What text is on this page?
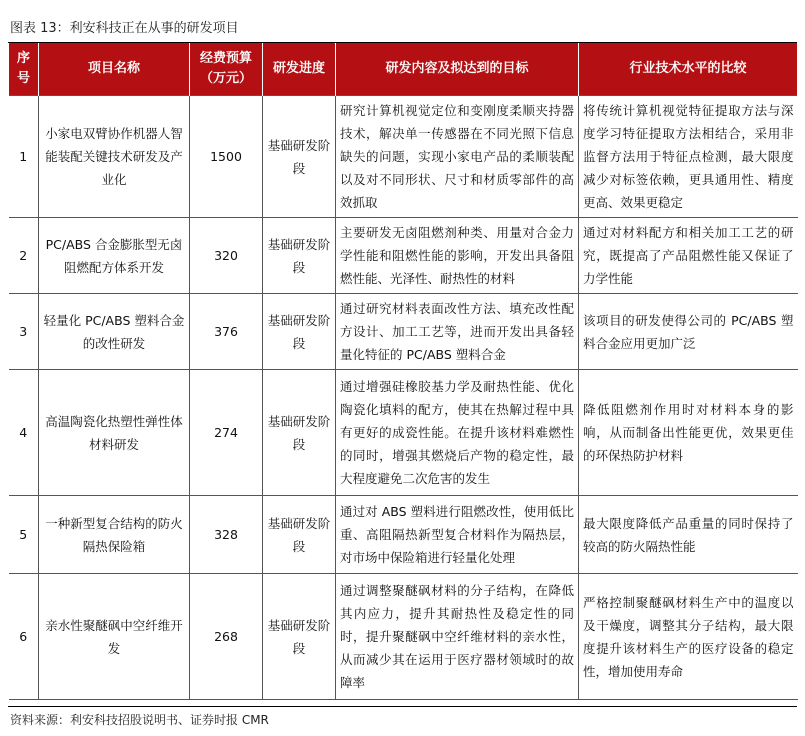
图表 13：利安科技正在从事的研发项目
序号	项目名称	经费预算（万元）	研发进度	研发内容及拟达到的目标	行业技术水平的比较
1	小家电双臂协作机器人智能装配关键技术研发及产业化	1500	基础研发阶段	研究计算机视觉定位和变刚度柔顺夹持器技术，解决单一传感器在不同光照下信息缺失的问题，实现小家电产品的柔顺装配以及对不同形状、尺寸和材质零部件的高效抓取	将传统计算机视觉特征提取方法与深度学习特征提取方法相结合，采用非监督方法用于特征点检测，最大限度减少对标签依赖，更具通用性、精度更高、效果更稳定
2	PC/ABS 合金膨胀型无卤阻燃配方体系开发	320	基础研发阶段	主要研发无卤阻燃剂种类、用量对合金力学性能和阻燃性能的影响，开发出具备阻燃性能、光泽性、耐热性的材料	通过对材料配方和相关加工工艺的研究，既提高了产品阻燃性能又保证了力学性能
3	轻量化 PC/ABS 塑料合金的改性研发	376	基础研发阶段	通过研究材料表面改性方法、填充改性配方设计、加工工艺等，进而开发出具备轻量化特征的 PC/ABS 塑料合金	该项目的研发使得公司的 PC/ABS 塑料合金应用更加广泛
4	高温陶瓷化热塑性弹性体材料研发	274	基础研发阶段	通过增强硅橡胶基力学及耐热性能、优化陶瓷化填料的配方，使其在热解过程中具有更好的成瓷性能。在提升该材料难燃性的同时，增强其燃烧后产物的稳定性，最大程度避免二次危害的发生	降低阻燃剂作用时对材料本身的影响，从而制备出性能更优，效果更佳的环保热防护材料
5	一种新型复合结构的防火隔热保险箱	328	基础研发阶段	通过对 ABS 塑料进行阻燃改性，使用低比重、高阻隔热新型复合材料作为隔热层，对市场中保险箱进行轻量化处理	最大限度降低产品重量的同时保持了较高的防火隔热性能
6	亲水性聚醚砜中空纤维开发	268	基础研发阶段	通过调整聚醚砜材料的分子结构，在降低其内应力，提升其耐热性及稳定性的同时，提升聚醚砜中空纤维材料的亲水性，从而减少其在运用于医疗器材领域时的故障率	严格控制聚醚砜材料生产中的温度以及干燥度，调整其分子结构，最大限度提升该材料生产的医疗设备的稳定性，增加使用寿命
资料来源：利安科技招股说明书、证券时报 CMR
